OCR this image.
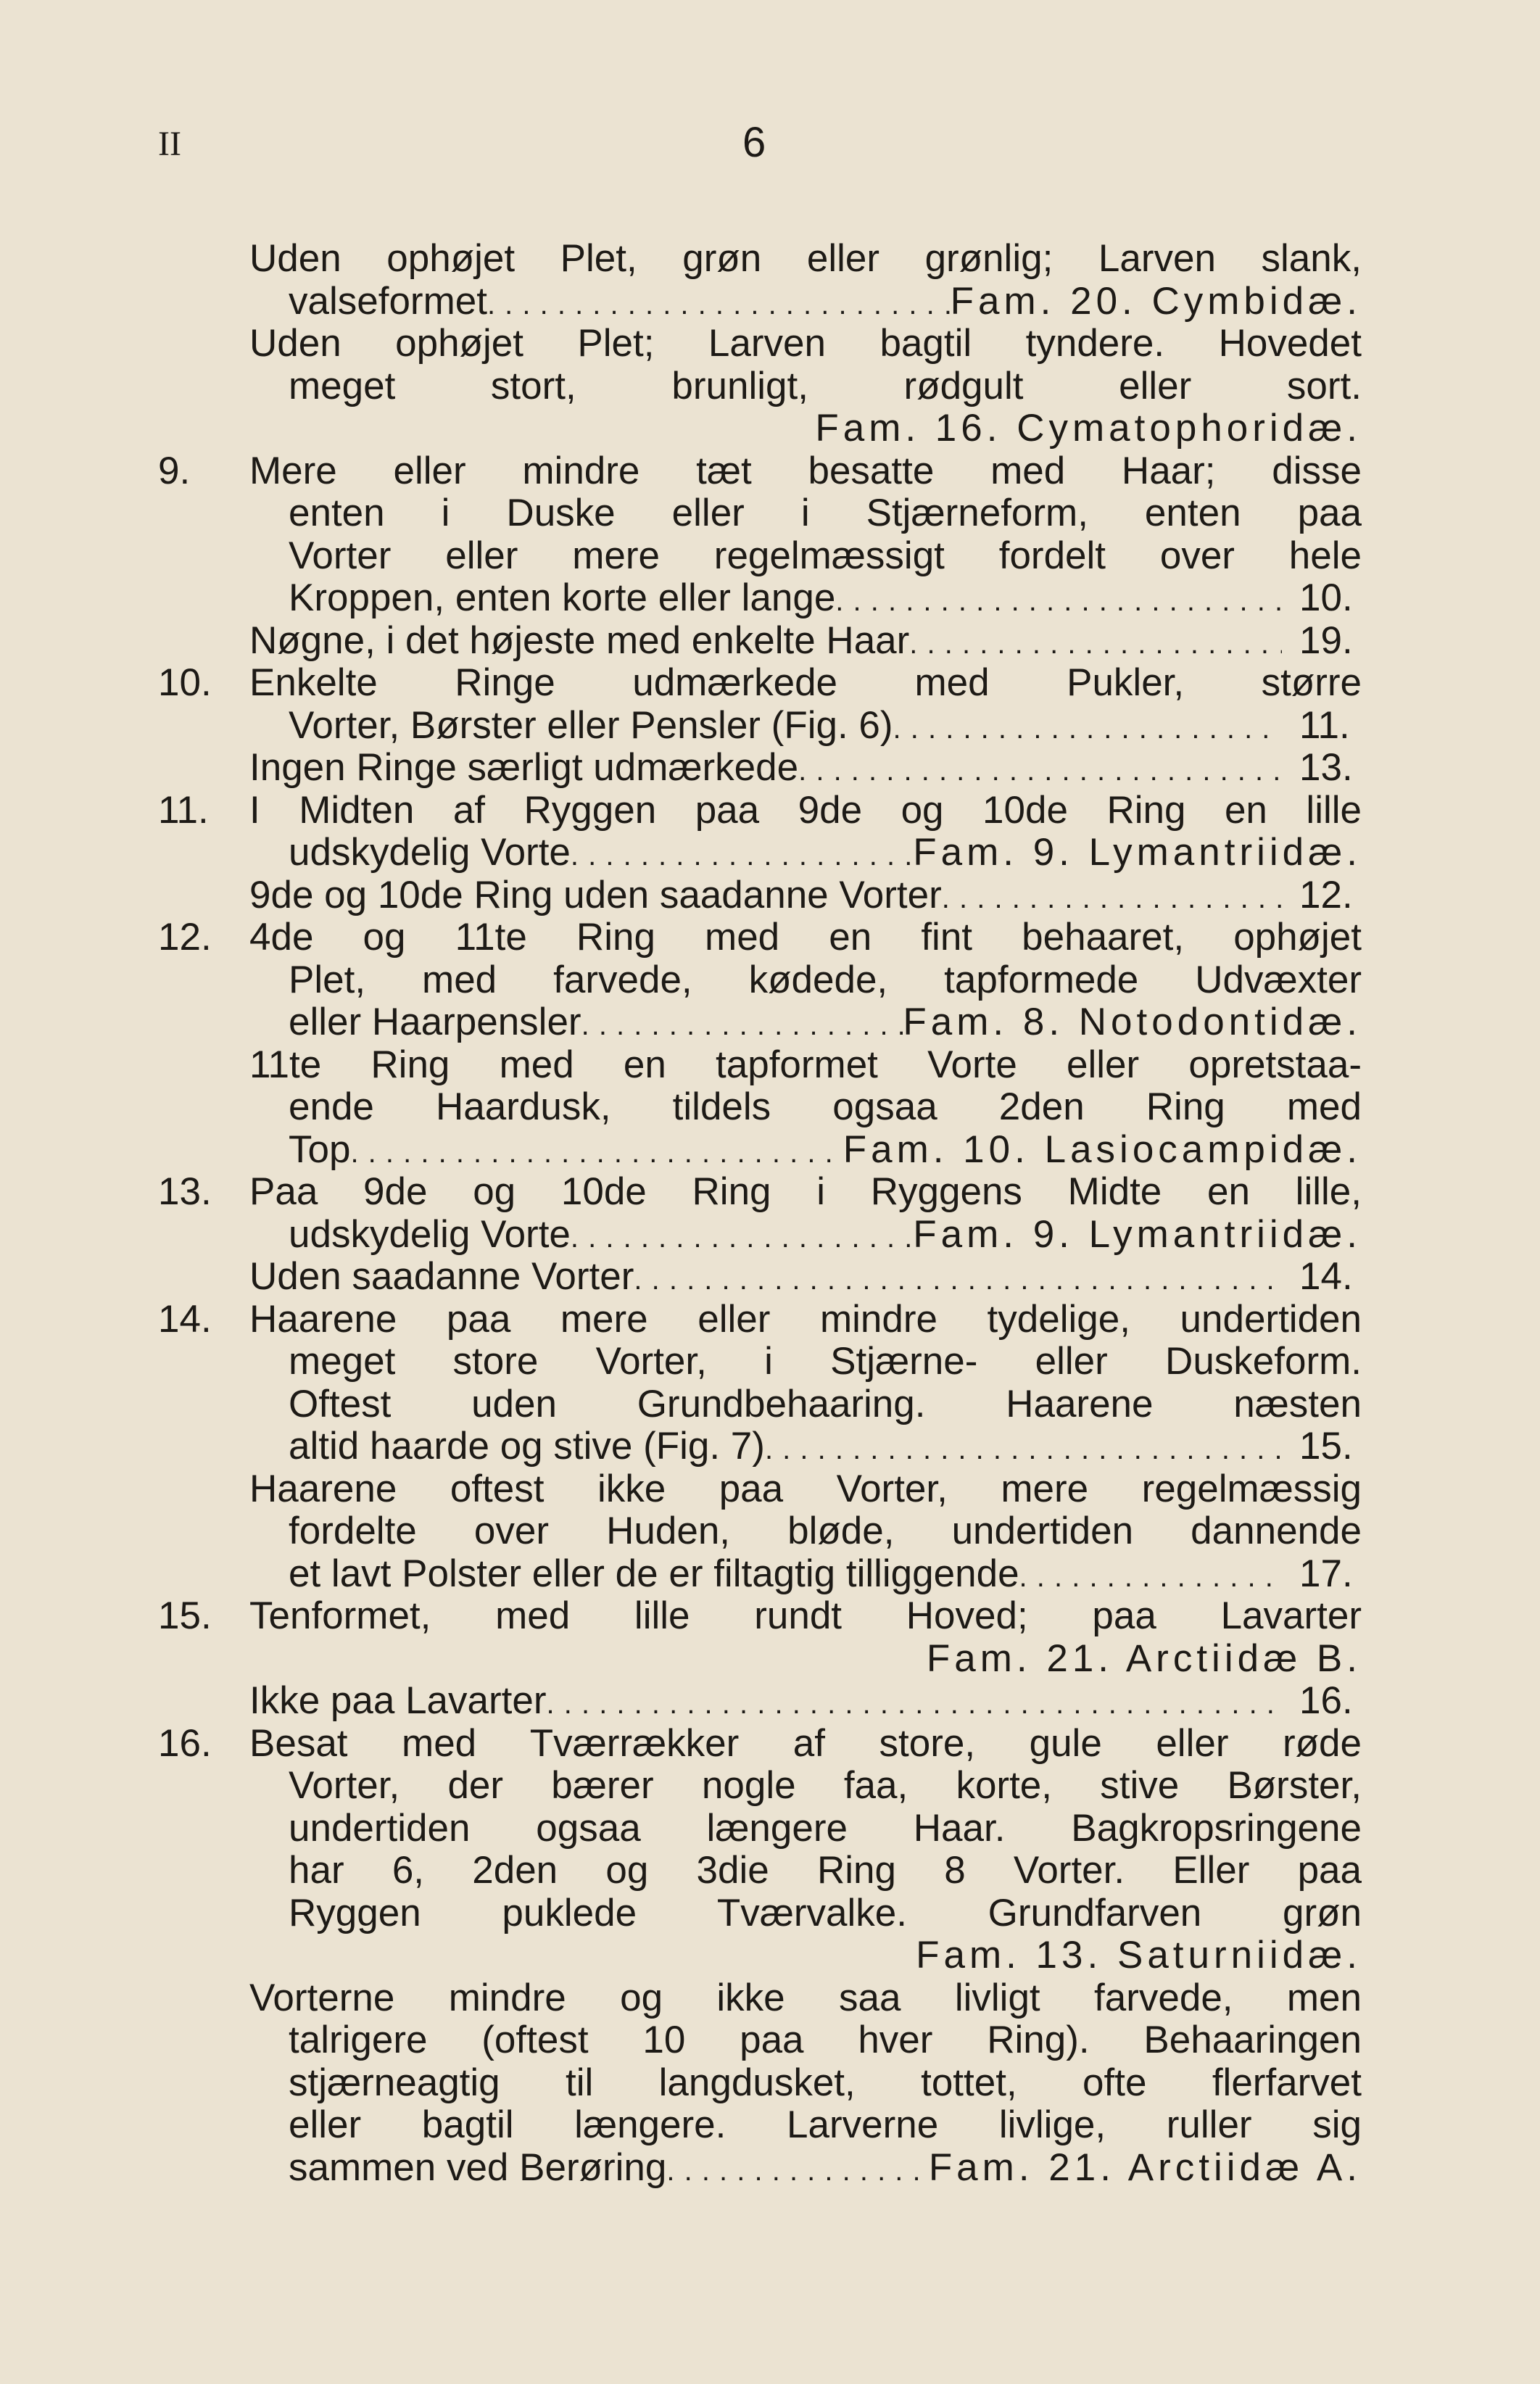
II	6
Uden ophøjet Plet, grøn eller grønlig; Larven slank,
valseformet . . .	Fam. 20. Cymbidæ.
Uden ophøjet Plet; Larven bagtil tyndere. Hovedet
meget stort, brunligt, rødgult eller sort.
Fam. 16. Cymatophoridæ.
9. Mere eller mindre tæt besatte med Haar; disse
enten i Duske eller i Stjærneform, enten paa
Vorter eller mere regelmæssigt fordelt over hele
Kroppen, enten korte eller lange . . .	10.
Nøgne, i det højeste med enkelte Haar . . .	19.
10. Enkelte Ringe udmærkede med Pukler, større
Vorter, Børster eller Pensler (Fig. 6) . . .	11.
Ingen Ringe særligt udmærkede . . .	13.
11. I Midten af Ryggen paa 9de og 10de Ring en lille
udskydelig Vorte . . .	Fam. 9. Lymantriidæ.
9de og 10de Ring uden saadanne Vorter . . .	12.
12. 4de og 11te Ring med en fint behaaret, ophøjet
Plet, med farvede, kødede, tapformede Udvæxter
eller Haarpensler . . .	Fam. 8. Notodontidæ.
11te Ring med en tapformet Vorte eller opretstaa-
ende Haardusk, tildels ogsaa 2den Ring med
Top . . .	Fam. 10. Lasiocampidæ.
13. Paa 9de og 10de Ring i Ryggens Midte en lille,
udskydelig Vorte . . .	Fam. 9. Lymantriidæ.
Uden saadanne Vorter . . .	14.
14. Haarene paa mere eller mindre tydelige, undertiden
meget store Vorter, i Stjærne- eller Duskeform.
Oftest uden Grundbehaaring. Haarene næsten
altid haarde og stive (Fig. 7) . . .	15.
Haarene oftest ikke paa Vorter, mere regelmæssig
fordelte over Huden, bløde, undertiden dannende
et lavt Polster eller de er filtagtig tilliggende . . .	17.
15. Tenformet, med lille rundt Hoved; paa Lavarter
Fam. 21. Arctiidæ B.
Ikke paa Lavarter . . .	16.
16. Besat med Tværrækker af store, gule eller røde
Vorter, der bærer nogle faa, korte, stive Børster,
undertiden ogsaa længere Haar. Bagkropsringene
har 6, 2den og 3die Ring 8 Vorter. Eller paa
Ryggen puklede Tværvalke. Grundfarven grøn
Fam. 13. Saturniidæ.
Vorterne mindre og ikke saa livligt farvede, men
talrigere (oftest 10 paa hver Ring). Behaaringen
stjærneagtig til langdusket, tottet, ofte flerfarvet
eller bagtil længere. Larverne livlige, ruller sig
sammen ved Berøring . . .	Fam. 21. Arctiidæ A.
